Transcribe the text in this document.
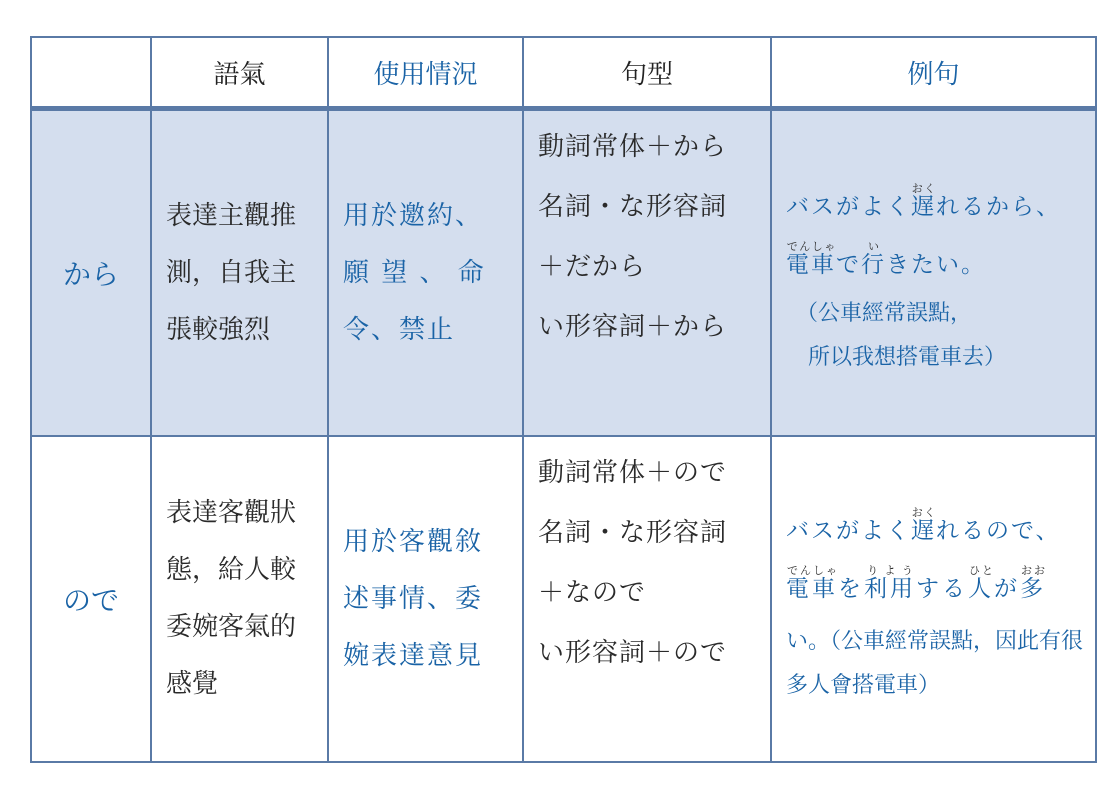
	語氣	使用情況	句型	例句
から	表達主觀推
測，自我主
張較強烈	用於邀約、
願 望 、 命
令、禁止	動詞常体＋から
名詞・な形容詞
＋だから
い形容詞＋から	バスがよく遅おくれるから、
電車でんしゃで行いきたい。
（公車經常誤點，
所以我想搭電車去）

ので	表達客觀狀
態，給人較
委婉客氣的
感覺	用於客觀敘
述事情、委
婉表達意見	動詞常体＋ので
名詞・な形容詞
＋なので
い形容詞＋ので	バスがよく遅おくれるので、
電車でんしゃを利用りようする人ひとが多おお
い。（公車經常誤點，因此有很多人會搭電車）
